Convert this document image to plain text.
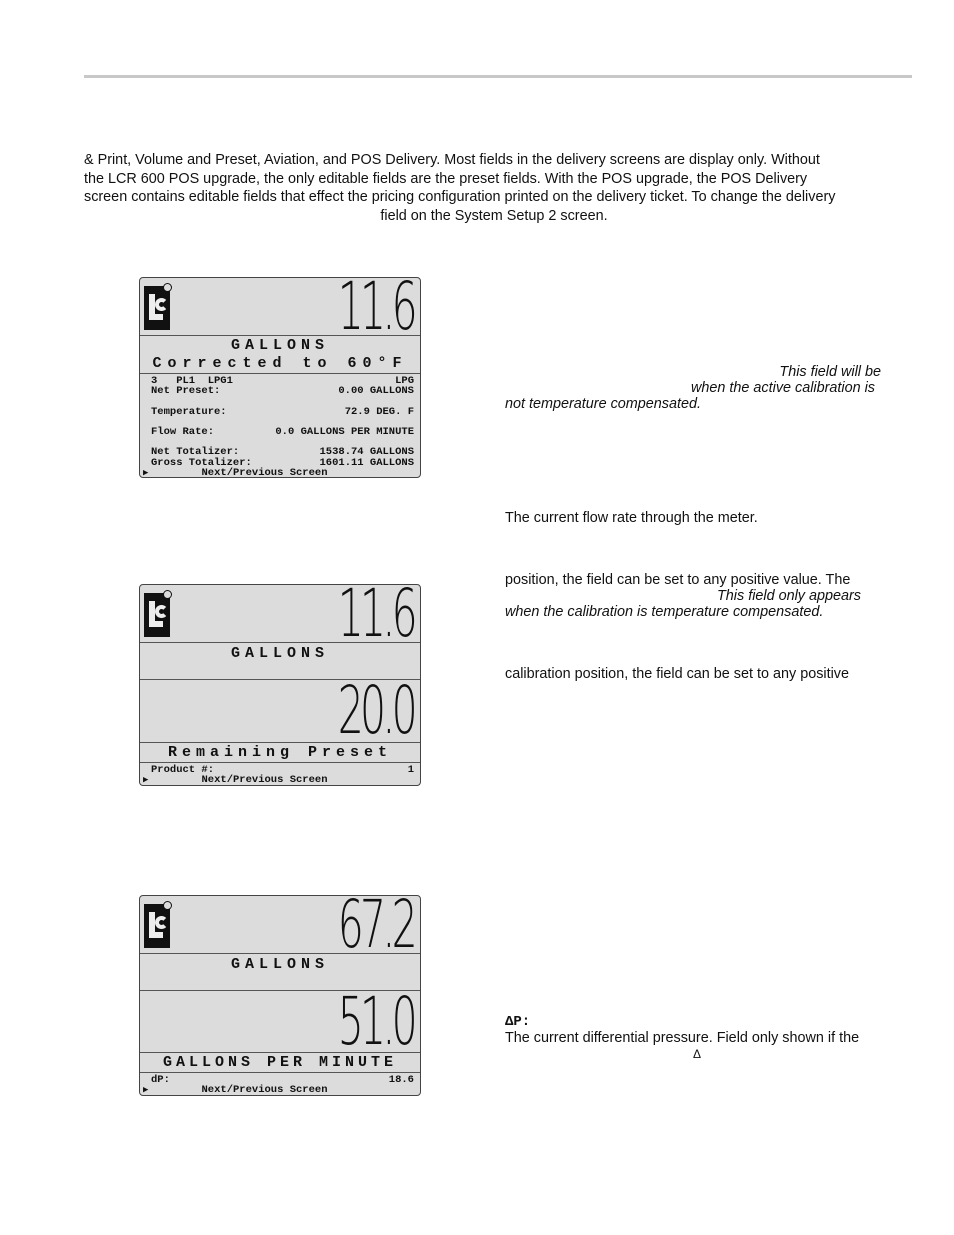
& Print, Volume and Preset, Aviation, and POS Delivery. Most fields in the delivery screens are display only. Without
the LCR 600 POS upgrade, the only editable fields are the preset fields. With the POS upgrade, the POS Delivery
screen contains editable fields that effect the pricing configuration printed on the delivery ticket. To change the delivery
field on the System Setup 2 screen.
11.6
GALLONS
Corrected to 60°F
3   PL1  LPG1	LPG
Net Preset:	0.00 GALLONS

Temperature:	72.9 DEG. F

Flow Rate:	0.0 GALLONS PER MINUTE

Net Totalizer:	1538.74 GALLONS
Gross Totalizer:	1601.11 GALLONS
▶	Next/Previous Screen
11.6
GALLONS
20.0
Remaining Preset
Product #:	1
▶	Next/Previous Screen
67.2
GALLONS
51.0
GALLONS PER MINUTE
dP:	18.6
▶	Next/Previous Screen
This field will be
when the active calibration is
not temperature compensated.
The current flow rate through the meter.
position, the field can be set to any positive value. The
This field only appears
when the calibration is temperature compensated.
calibration position, the field can be set to any positive
ΔP:
The current differential pressure. Field only shown if the
Δ
